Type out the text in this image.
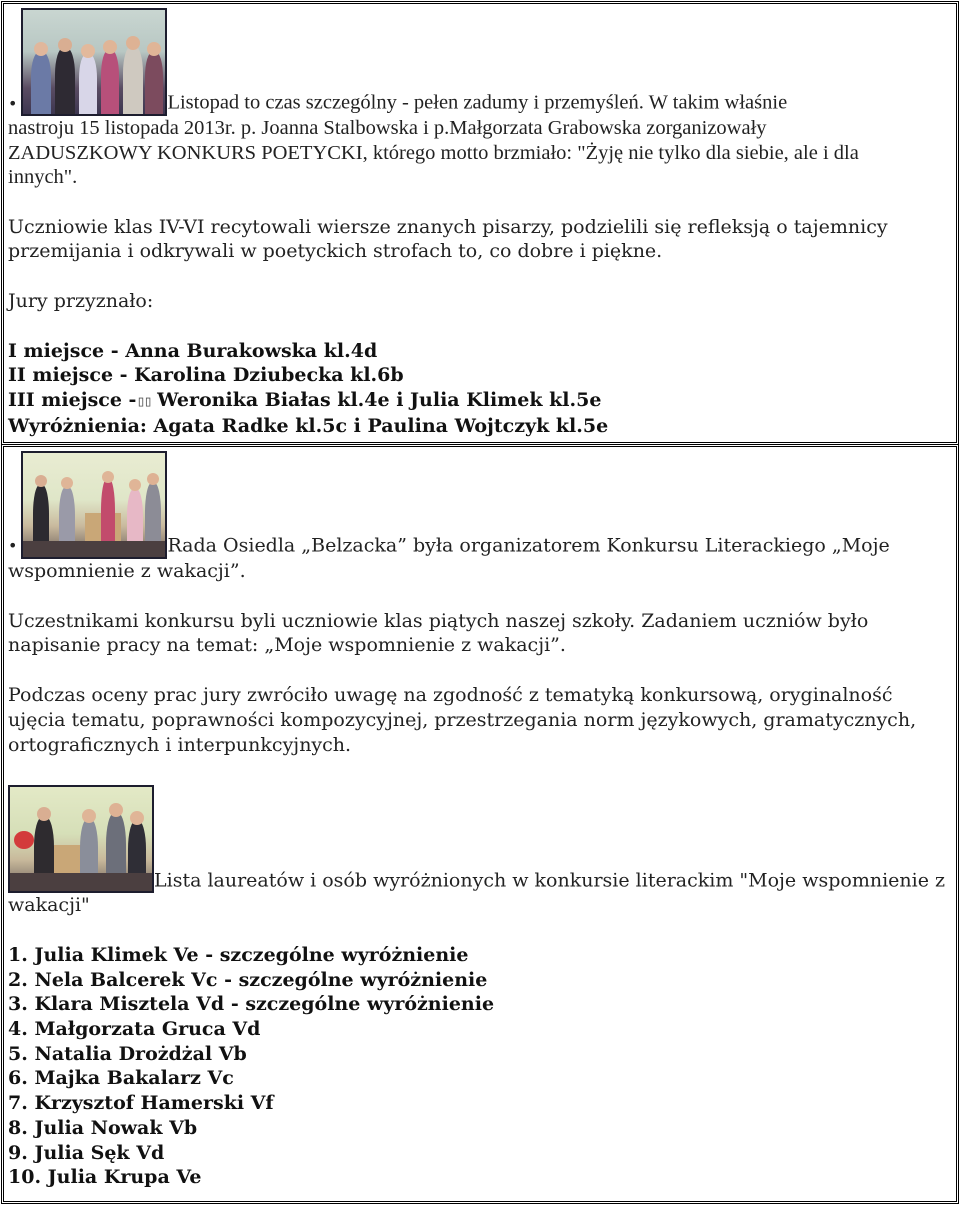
•	Listopad to czas szczególny - pełen zadumy i przemyśleń. W takim właśnie
nastroju 15 listopada 2013r. p. Joanna Stalbowska i p.Małgorzata Grabowska zorganizowały
ZADUSZKOWY KONKURS POETYCKI, którego motto brzmiało: "Żyję nie tylko dla siebie, ale i dla
innych".

Uczniowie klas IV-VI recytowali wiersze znanych pisarzy, podzielili się refleksją o tajemnicy przemijania i odkrywali w poetyckich strofach to, co dobre i piękne.

Jury przyznało:

I miejsce - Anna Burakowska kl.4d
II miejsce - Karolina Dziubecka kl.6b
III miejsce -▯▯ Weronika Białas kl.4e i Julia Klimek kl.5e
Wyróżnienia: Agata Radke kl.5c i Paulina Wojtczyk kl.5e
•	Rada Osiedla „Belzacka” była organizatorem Konkursu Literackiego „Moje
wspomnienie z wakacji”.

Uczestnikami konkursu byli uczniowie klas piątych naszej szkoły. Zadaniem uczniów było napisanie pracy na temat: „Moje wspomnienie z wakacji”.

Podczas oceny prac jury zwróciło uwagę na zgodność z tematyką konkursową, oryginalność ujęcia tematu, poprawności kompozycyjnej, przestrzegania norm językowych, gramatycznych, ortograficznych i interpunkcyjnych.

Lista laureatów i osób wyróżnionych w konkursie literackim "Moje wspomnienie z
wakacji"
1. Julia Klimek Ve - szczególne wyróżnienie
2. Nela Balcerek Vc - szczególne wyróżnienie
3. Klara Misztela Vd - szczególne wyróżnienie
4. Małgorzata Gruca Vd
5. Natalia Drożdżal Vb
6. Majka Bakalarz Vc
7. Krzysztof Hamerski Vf
8. Julia Nowak Vb
9. Julia Sęk Vd
10. Julia Krupa Ve
